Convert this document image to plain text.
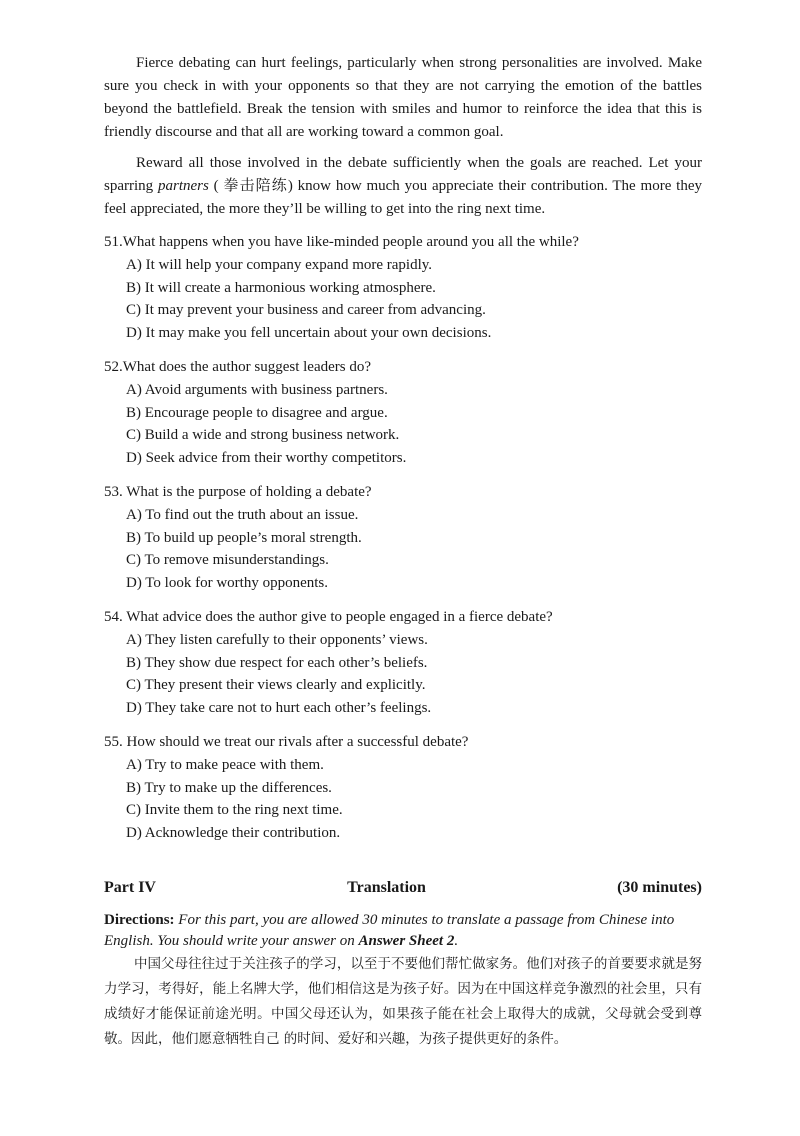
Fierce debating can hurt feelings, particularly when strong personalities are involved. Make sure you check in with your opponents so that they are not carrying the emotion of the battles beyond the battlefield. Break the tension with smiles and humor to reinforce the idea that this is friendly discourse and that all are working toward a common goal.

Reward all those involved in the debate sufficiently when the goals are reached. Let your sparring partners ( 拳击陪练) know how much you appreciate their contribution. The more they feel appreciated, the more they’ll be willing to get into the ring next time.

51.What happens when you have like-minded people around you all the while?

A) It will help your company expand more rapidly.

B) It will create a harmonious working atmosphere.

C) It may prevent your business and career from advancing.

D) It may make you fell uncertain about your own decisions.

52.What does the author suggest leaders do?

A) Avoid arguments with business partners.

B) Encourage people to disagree and argue.

C) Build a wide and strong business network.

D) Seek advice from their worthy competitors.

53. What is the purpose of holding a debate?

A) To find out the truth about an issue.

B) To build up people’s moral strength.

C) To remove misunderstandings.

D) To look for worthy opponents.

54. What advice does the author give to people engaged in a fierce debate?

A) They listen carefully to their opponents’ views.

B) They show due respect for each other’s beliefs.

C) They present their views clearly and explicitly.

D) They take care not to hurt each other’s feelings.

55. How should we treat our rivals after a successful debate?

A) Try to make peace with them.

B) Try to make up the differences.

C) Invite them to the ring next time.

D) Acknowledge their contribution.

Part IV	Translation	(30 minutes)

Directions: For this part, you are allowed 30 minutes to translate a passage from Chinese into English. You should write your answer on Answer Sheet 2.

中国父母往往过于关注孩子的学习，以至于不要他们帮忙做家务。他们对孩子的首要要求就是努力学习，考得好，能上名牌大学，他们相信这是为孩子好。因为在中国这样竞争激烈的社会里，只有成绩好才能保证前途光明。中国父母还认为，如果孩子能在社会上取得大的成就，父母就会受到尊敬。因此，他们愿意牺牲自己 的时间、爱好和兴趣，为孩子提供更好的条件。
